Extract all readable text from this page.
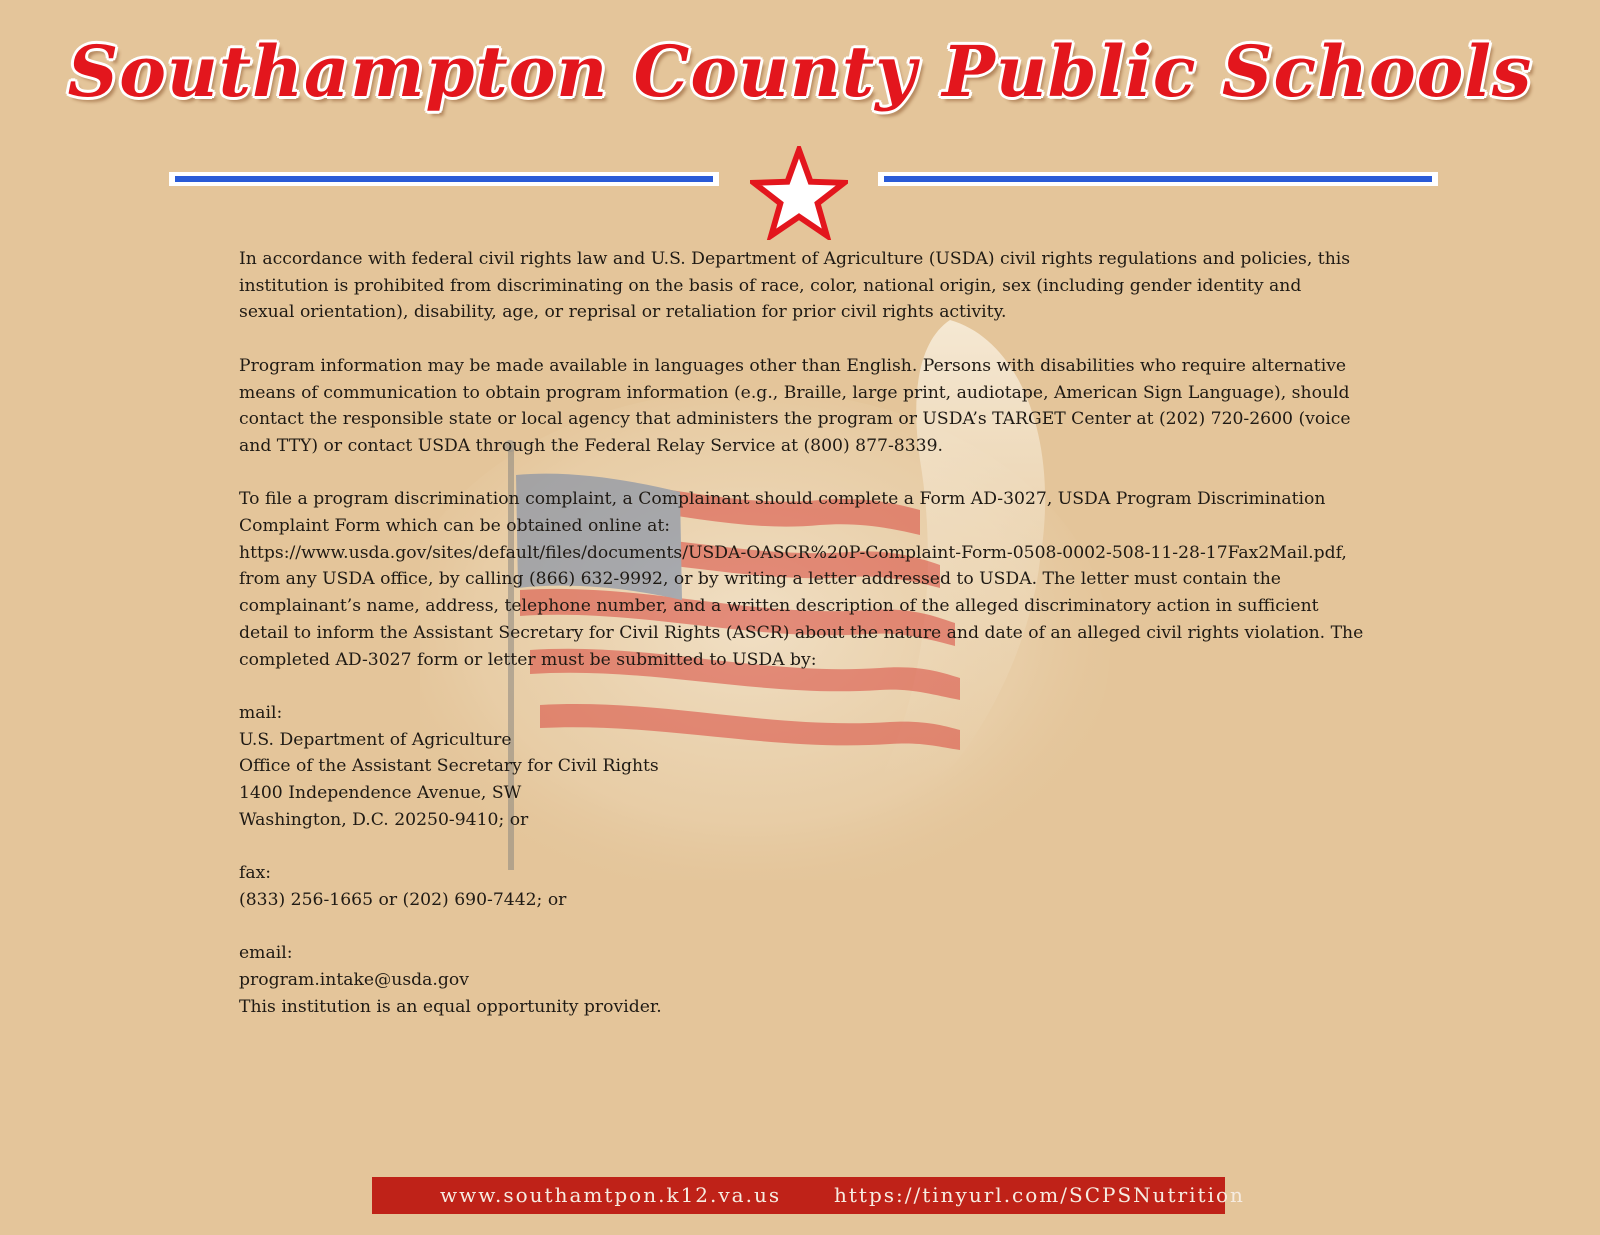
Southampton County Public Schools

In accordance with federal civil rights law and U.S. Department of Agriculture (USDA) civil rights regulations and policies, this

institution is prohibited from discriminating on the basis of race, color, national origin, sex (including gender identity and

sexual orientation), disability, age, or reprisal or retaliation for prior civil rights activity.

Program information may be made available in languages other than English. Persons with disabilities who require alternative

means of communication to obtain program information (e.g., Braille, large print, audiotape, American Sign Language), should

contact the responsible state or local agency that administers the program or USDA’s TARGET Center at (202) 720-2600 (voice

and TTY) or contact USDA through the Federal Relay Service at (800) 877-8339.

To file a program discrimination complaint, a Complainant should complete a Form AD-3027, USDA Program Discrimination

Complaint Form which can be obtained online at:

https://www.usda.gov/sites/default/files/documents/USDA-OASCR%20P-Complaint-Form-0508-0002-508-11-28-17Fax2Mail.pdf,

from any USDA office, by calling (866) 632-9992, or by writing a letter addressed to USDA. The letter must contain the

complainant’s name, address, telephone number, and a written description of the alleged discriminatory action in sufficient

detail to inform the Assistant Secretary for Civil Rights (ASCR) about the nature and date of an alleged civil rights violation. The

completed AD-3027 form or letter must be submitted to USDA by:

mail:

U.S. Department of Agriculture

Office of the Assistant Secretary for Civil Rights

1400 Independence Avenue, SW

Washington, D.C. 20250-9410; or

fax:

(833) 256-1665 or (202) 690-7442; or

email:

program.intake@usda.gov

This institution is an equal opportunity provider.

www.southamtpon.k12.va.us	https://tinyurl.com/SCPSNutrition
